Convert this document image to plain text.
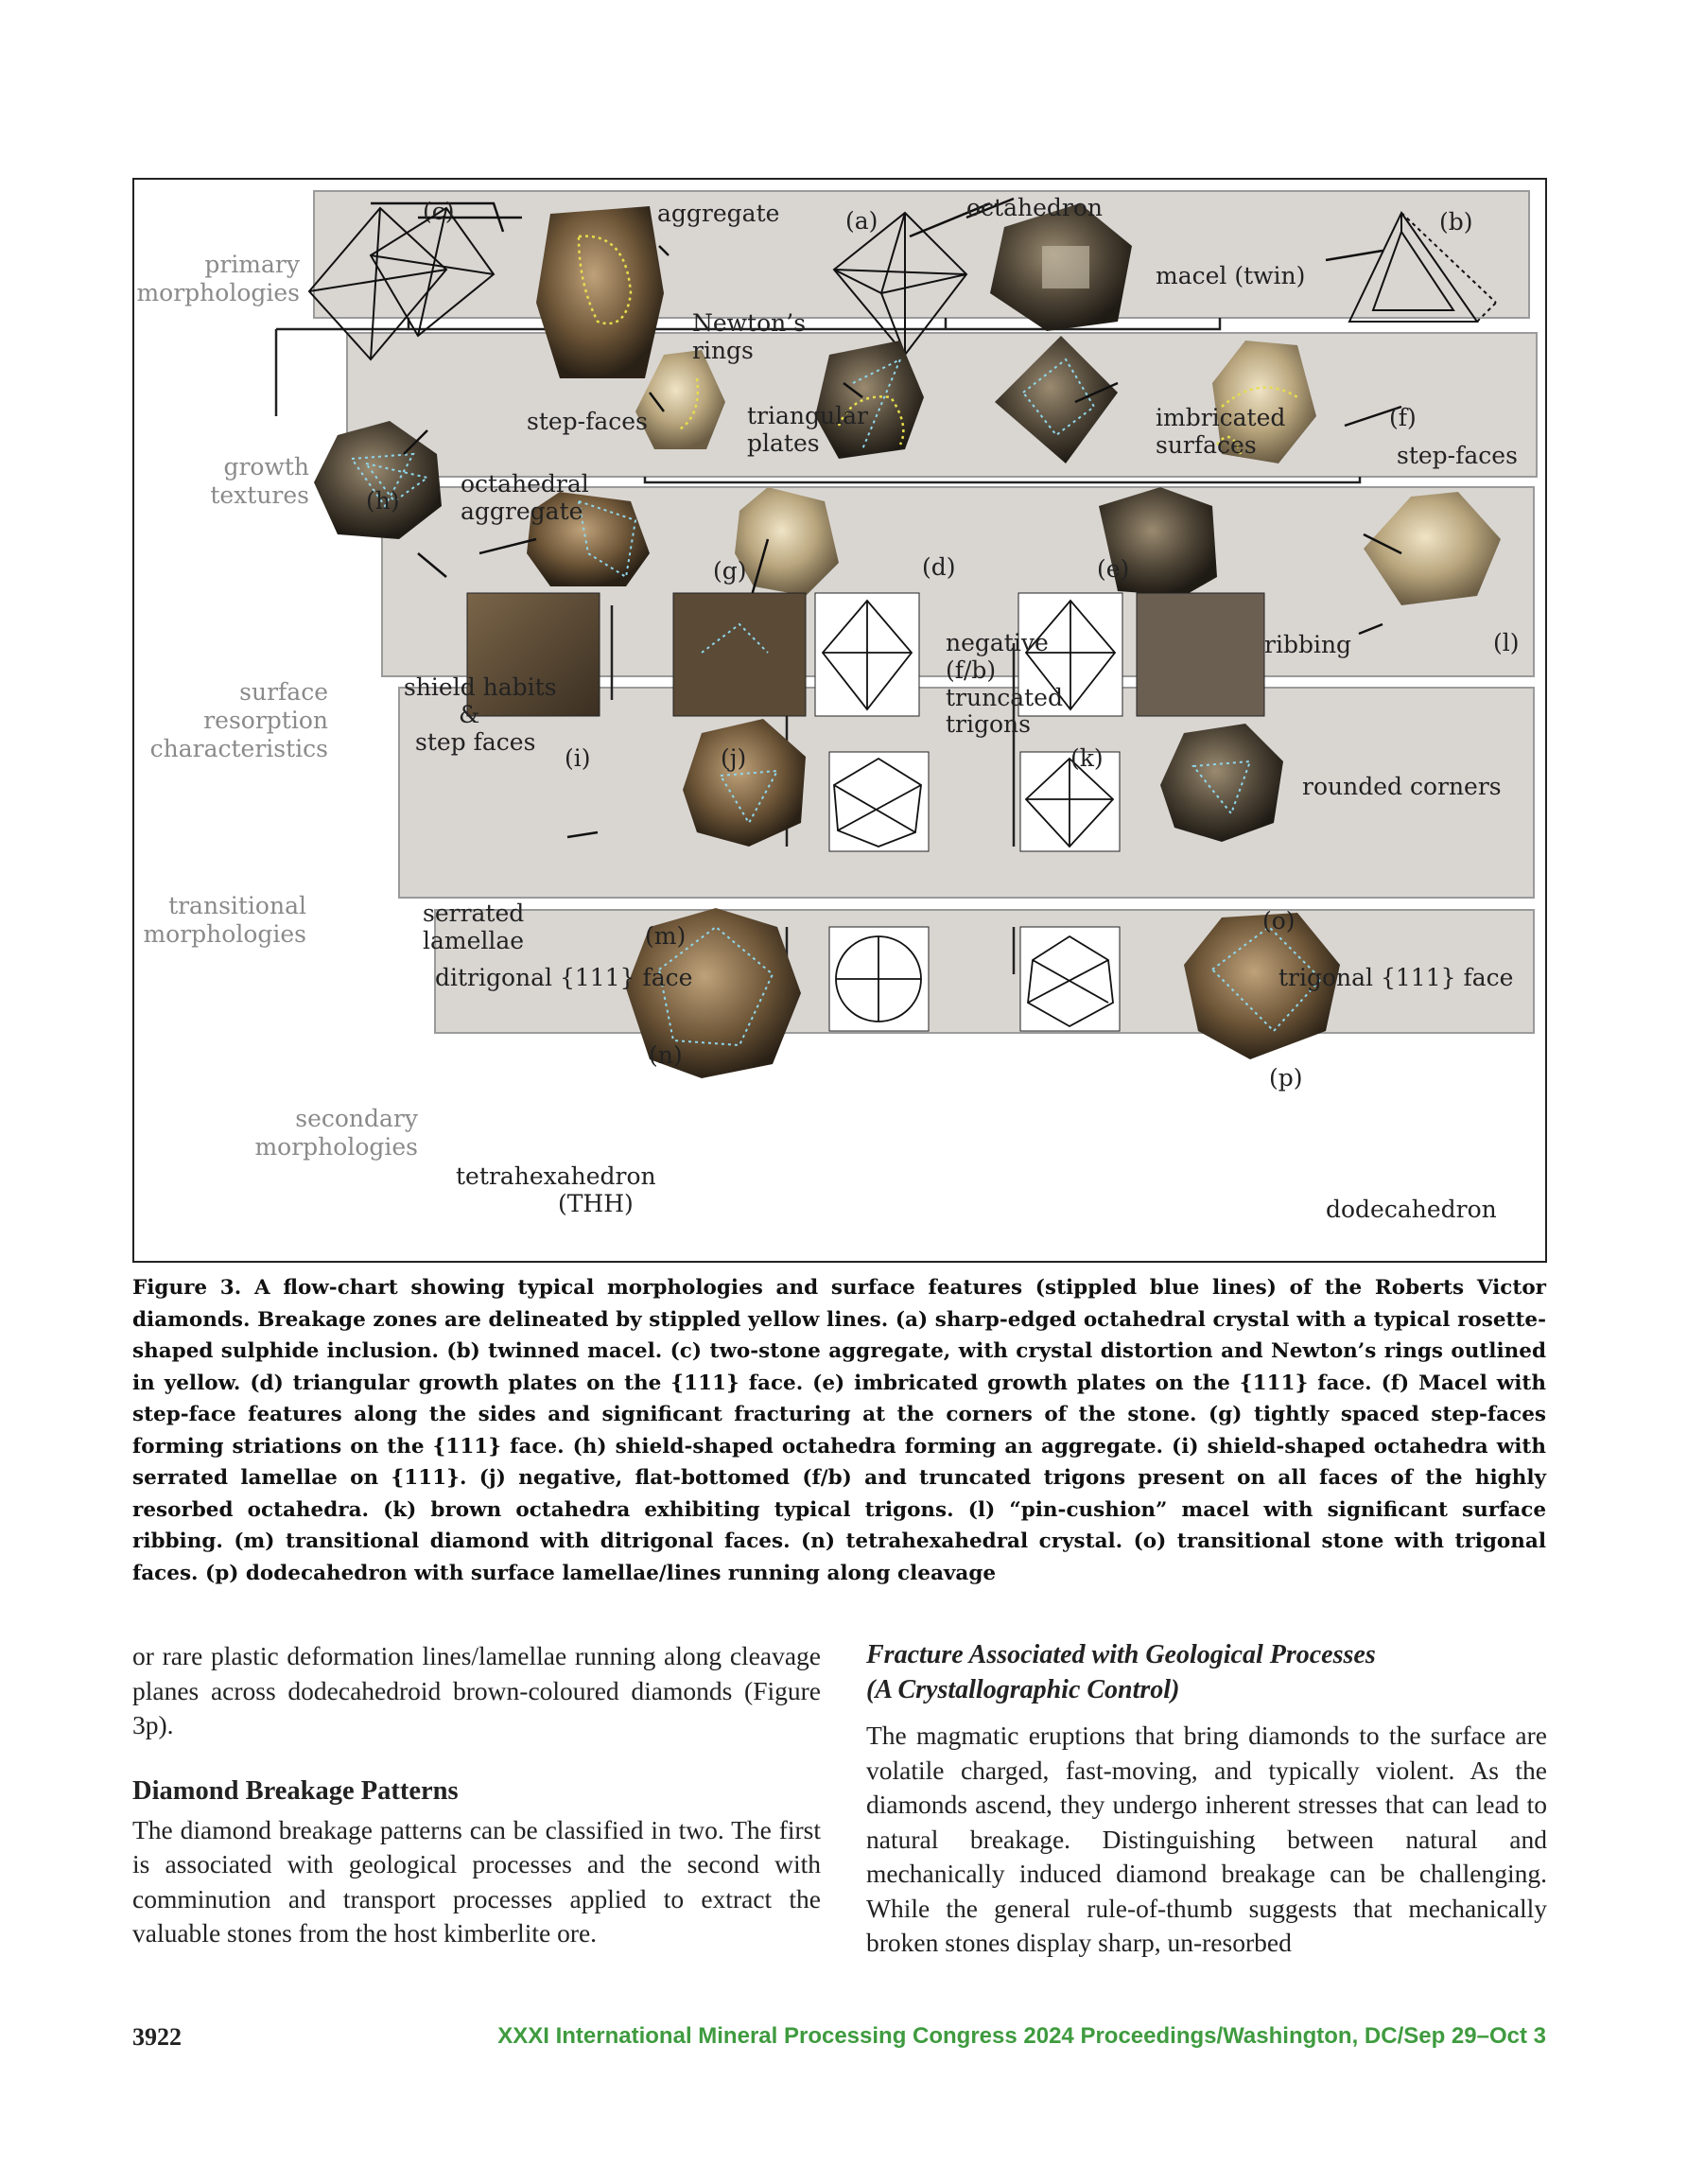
primary
morphologies
growth
textures
surface
resorption
characteristics
transitional
morphologies
secondary
morphologies
(c)	aggregate	(a)	octahedron
(b)
macel (twin)
Newton’s
rings
step-faces	triangular
plates
imbricated
surfaces
(f)
step-faces
(h)
octahedral
aggregate
(g)	(d)	(e)
negative
(f/b)
truncated
trigons
ribbing	(l)
shield habits
&
step faces
(i)	(j)	(k)
rounded corners
serrated
lamellae	(m)
(o)
ditrigonal {111} face	trigonal {111} face
(n)
(p)
tetrahexahedron
(THH)	dodecahedron
Figure 3. A flow-chart showing typical morphologies and surface features (stippled blue lines) of the Roberts Victor diamonds. Breakage zones are delineated by stippled yellow lines. (a) sharp-edged octahedral crystal with a typical rosette-shaped sulphide inclusion. (b) twinned macel. (c) two-stone aggregate, with crystal distortion and Newton’s rings outlined in yellow. (d) triangular growth plates on the {111} face. (e) imbricated growth plates on the {111} face. (f) Macel with step-face features along the sides and significant fracturing at the corners of the stone. (g) tightly spaced step-faces forming striations on the {111} face. (h) shield-shaped octahedra forming an aggregate. (i) shield-shaped octahedra with serrated lamellae on {111}. (j) negative, flat-bottomed (f/b) and truncated trigons present on all faces of the highly resorbed octahedra. (k) brown octahedra exhibiting typical trigons. (l) “pin-cushion” macel with significant surface ribbing. (m) transitional diamond with ditrigonal faces. (n) tetrahexahedral crystal. (o) transitional stone with trigonal faces. (p) dodecahedron with surface lamellae/lines running along cleavage

or rare plastic deformation lines/lamellae running along cleavage planes across dodecahedroid brown-coloured diamonds (Figure 3p).

Diamond Breakage Patterns

The diamond breakage patterns can be classified in two. The first is associated with geological processes and the second with comminution and transport processes applied to extract the valuable stones from the host kimberlite ore.

Fracture Associated with Geological Processes
(A Crystallographic Control)

The magmatic eruptions that bring diamonds to the surface are volatile charged, fast-moving, and typically violent. As the diamonds ascend, they undergo inherent stresses that can lead to natural breakage. Distinguishing between natural and mechanically induced diamond breakage can be challenging. While the general rule-of-thumb suggests that mechanically broken stones display sharp, un-resorbed

3922	XXXI International Mineral Processing Congress 2024 Proceedings/Washington, DC/Sep 29–Oct 3
